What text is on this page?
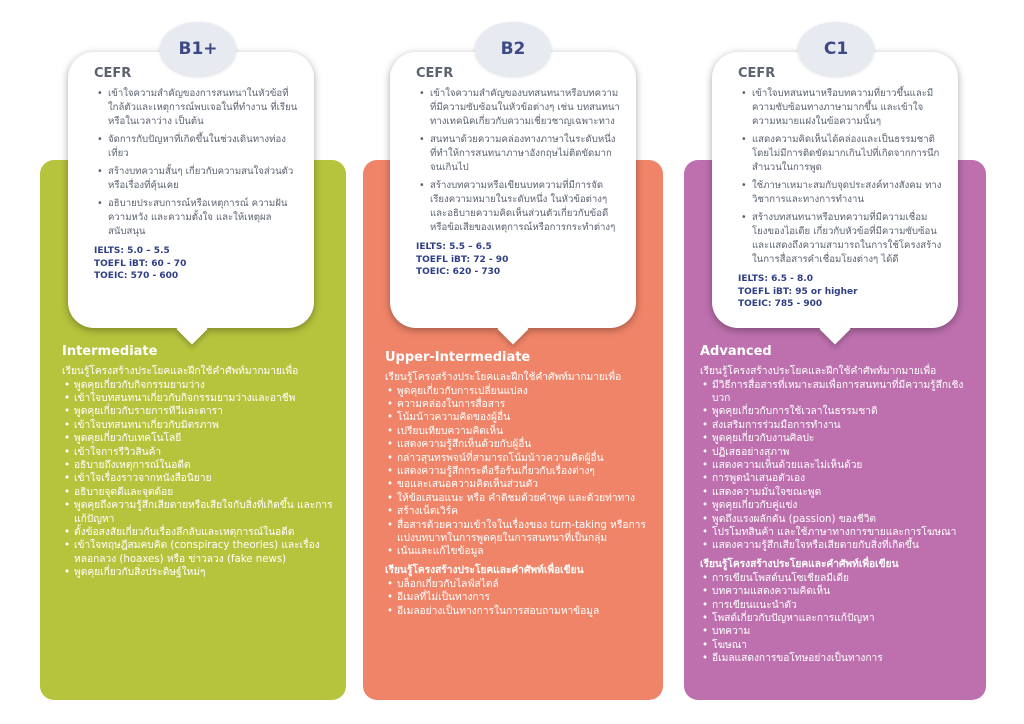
Intermediate
เรียนรู้โครงสร้างประโยคและฝึกใช้คำศัพท์มากมายเพื่อ
• พูดคุยเกี่ยวกับกิจกรรมยามว่าง
• เข้าใจบทสนทนาเกี่ยวกับกิจกรรมยามว่างและอาชีพ
• พูดคุยเกี่ยวกับรายการทีวีและดารา
• เข้าใจบทสนทนาเกี่ยวกับมิตรภาพ
• พูดคุยเกี่ยวกับเทคโนโลยี
• เข้าใจการรีวิวสินค้า
• อธิบายถึงเหตุการณ์ในอดีต
• เข้าใจเรื่องราวจากหนังสือนิยาย
• อธิบายจุดดีและจุดด้อย
• พูดคุยถึงความรู้สึกเสียดายหรือเสียใจกับสิ่งที่เกิดขึ้น และการแก้ปัญหา
• ตั้งข้อสงสัยเกี่ยวกับเรื่องลึกลับและเหตุการณ์ในอดีต
• เข้าใจทฤษฎีสมคบคิด (conspiracy theories) และเรื่องหลอกลวง (hoaxes) หรือ ข่าวลวง (fake news)
• พูดคุยเกี่ยวกับสิ่งประดิษฐ์ใหม่ๆ
CEFR
• เข้าใจความสำคัญของการสนทนาในหัวข้อที่ใกล้ตัวและเหตุการณ์พบเจอในที่ทำงาน ที่เรียน หรือในเวลาว่าง เป็นต้น
• จัดการกับปัญหาที่เกิดขึ้นในช่วงเดินทางท่องเที่ยว
• สร้างบทความสั้นๆ เกี่ยวกับความสนใจส่วนตัวหรือเรื่องที่คุ้นเคย
• อธิบายประสบการณ์หรือเหตุการณ์ ความฝัน ความหวัง และความตั้งใจ และให้เหตุผลสนับสนุน
IELTS: 5.0 – 5.5
TOEFL iBT: 60 - 70
TOEIC: 570 - 600
B1+
Upper-Intermediate
เรียนรู้โครงสร้างประโยคและฝึกใช้คำศัพท์มากมายเพื่อ
• พูดคุยเกี่ยวกับการเปลี่ยนแปลง
• ความคล่องในการสื่อสาร
• โน้มน้าวความคิดของผู้อื่น
• เปรียบเทียบความคิดเห็น
• แสดงความรู้สึกเห็นด้วยกับผู้อื่น
• กล่าวสุนทรพจน์ที่สามารถโน้มน้าวความคิดผู้อื่น
• แสดงความรู้สึกกระตือรือร้นเกี่ยวกับเรื่องต่างๆ
• ขอและเสนอความคิดเห็นส่วนตัว
• ให้ข้อเสนอแนะ หรือ คำติชมด้วยคำพูด และด้วยท่าทาง
• สร้างเน็ตเวิร์ค
• สื่อสารด้วยความเข้าใจในเรื่องของ turn-taking หรือการแบ่งบทบาทในการพูดคุยในการสนทนาที่เป็นกลุ่ม
• เน้นและแก้ไขข้อมูล
เรียนรู้โครงสร้างประโยคและคำศัพท์เพื่อเขียน
• บล็อกเกี่ยวกับไลฟ์สไตล์
• อีเมลที่ไม่เป็นทางการ
• อีเมลอย่างเป็นทางการในการสอบถามหาข้อมูล
CEFR
• เข้าใจความสำคัญของบทสนทนาหรือบทความที่มีความซับซ้อนในหัวข้อต่างๆ เช่น บทสนทนาทางเทคนิคเกี่ยวกับความเชี่ยวชาญเฉพาะทาง
• สนทนาด้วยความคล่องทางภาษาในระดับหนึ่ง ที่ทำให้การสนทนาภาษาอังกฤษไม่ติดขัดมากจนเกินไป
• สร้างบทความหรือเขียนบทความที่มีการจัดเรียงความหมายในระดับหนึ่ง ในหัวข้อต่างๆ และอธิบายความคิดเห็นส่วนตัวเกี่ยวกับข้อดีหรือข้อเสียของเหตุการณ์หรือการกระทำต่างๆ
IELTS: 5.5 – 6.5
TOEFL iBT: 72 - 90
TOEIC: 620 - 730
B2
Advanced
เรียนรู้โครงสร้างประโยคและฝึกใช้คำศัพท์มากมายเพื่อ
• มีวิธีการสื่อสารที่เหมาะสมเพื่อการสนทนาที่มีความรู้สึกเชิงบวก
• พูดคุยเกี่ยวกับการใช้เวลาในธรรมชาติ
• ส่งเสริมการร่วมมือการทำงาน
• พูดคุยเกี่ยวกับงานศิลปะ
• ปฏิเสธอย่างสุภาพ
• แสดงความเห็นด้วยและไม่เห็นด้วย
• การพูดนำเสนอตัวเอง
• แสดงความมั่นใจขณะพูด
• พูดคุยเกี่ยวกับคู่แข่ง
• พูดถึงแรงผลักดัน (passion) ของชีวิต
• โปรโมทสินค้า และใช้ภาษาทางการขายและการโฆษณา
• แสดงความรู้สึกเสียใจหรือเสียดายกับสิ่งที่เกิดขึ้น
เรียนรู้โครงสร้างประโยคและคำศัพท์เพื่อเขียน
• การเขียนโพสต์บนโซเชียลมีเดีย
• บทความแสดงความคิดเห็น
• การเขียนแนะนำตัว
• โพสต์เกี่ยวกับปัญหาและการแก้ปัญหา
• บทความ
• โฆษณา
• อีเมลแสดงการขอโทษอย่างเป็นทางการ
CEFR
• เข้าใจบทสนทนาหรือบทความที่ยาวขึ้นและมีความซับซ้อนทางภาษามากขึ้น และเข้าใจความหมายแฝงในข้อความนั้นๆ
• แสดงความคิดเห็นได้คล่องและเป็นธรรมชาติ โดยไม่มีการติดขัดมากเกินไปที่เกิดจากการนึกสำนวนในการพูด
• ใช้ภาษาเหมาะสมกับจุดประสงค์ทางสังคม ทางวิชาการและทางการทำงาน
• สร้างบทสนทนาหรือบทความที่มีความเชื่อมโยงของไอเดีย เกี่ยวกับหัวข้อที่มีความซับซ้อน และแสดงถึงความสามารถในการใช้โครงสร้างในการสื่อสารคำเชื่อมโยงต่างๆ ได้ดี
IELTS: 6.5 - 8.0
TOEFL iBT: 95 or higher
TOEIC: 785 - 900
C1
